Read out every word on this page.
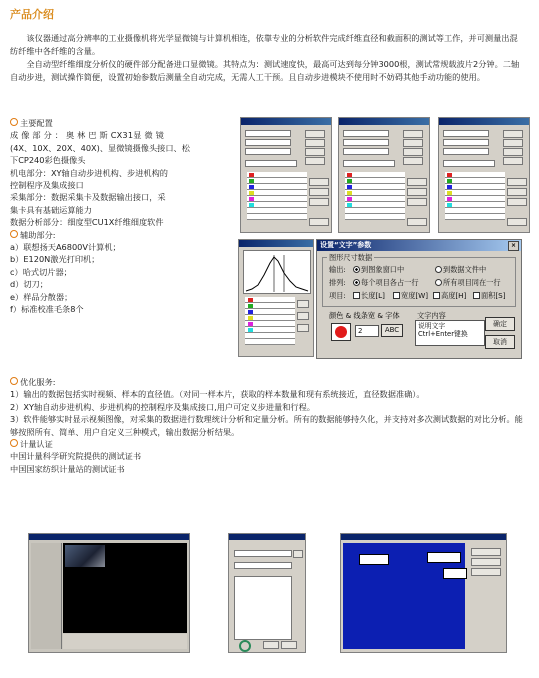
产品介绍
该仪器通过高分辨率的工业摄像机将光学显微镜与计算机相连，依靠专业的分析软件完成纤维直径和截面积的测试等工作，并可测量出混纺纤维中各纤维的含量。
全自动型纤维细度分析仪的硬件部分配备进口显微镜。其特点为：测试速度快，最高可达到每分钟3000根，测试常规载波片2分钟。二轴自动步进，测试操作简便，设置初始参数后测量全自动完成，无需人工干预。且自动步进模块不使用时不妨碍其他手动功能的使用。
主要配置
成 像 部 分 ： 奥 林 巴 斯 CX31显 微 镜
(4X、10X、20X、40X)、显微镜摄像头接口、松
下CP240彩色摄像头
机电部分：XY轴自动步进机构、步进机构的
控制程序及集成接口
采集部分：数据采集卡及数据输出接口，采
集卡具有基础运算能力
数据分析部分：细度型CU1X纤维细度软件
辅助部分:
a）联想扬天A6800V计算机；
b）E120N激光打印机；
c）哈式切片器；
d）切刀；
e）样品分散器；
f）标准校准毛条8个
设置“文字”参数	×
图形尺寸数据
输出:	到图象窗口中	到数据文件中
排列:	每个项目各占一行	所有项目同在一行
项目:	长度[L]	宽度[W]	高度[H]	面积[S]
颜色 & 线条宽 & 字体
2	ABC
文字内容
说明文字
Ctrl+Enter键换
确定
取消
优化服务:
1）输出的数据包括实时视频、样本的直径值。（对同一样本片，获取的样本数量和现有系统接近，直径数据准确）。
2）XY轴自动步进机构、步进机构的控制程序及集成接口,用户可定义步进量和行程。
3）软件能够实时显示视频图像，对采集的数据进行数理统计分析和定量分析。所有的数据能够持久化，并支持对多次测试数据的对比分析。能够按照所有、简单、用户自定义三种模式，输出数据分析结果。
计量认证
中国计量科学研究院提供的测试证书
中国国家纺织计量站的测试证书
